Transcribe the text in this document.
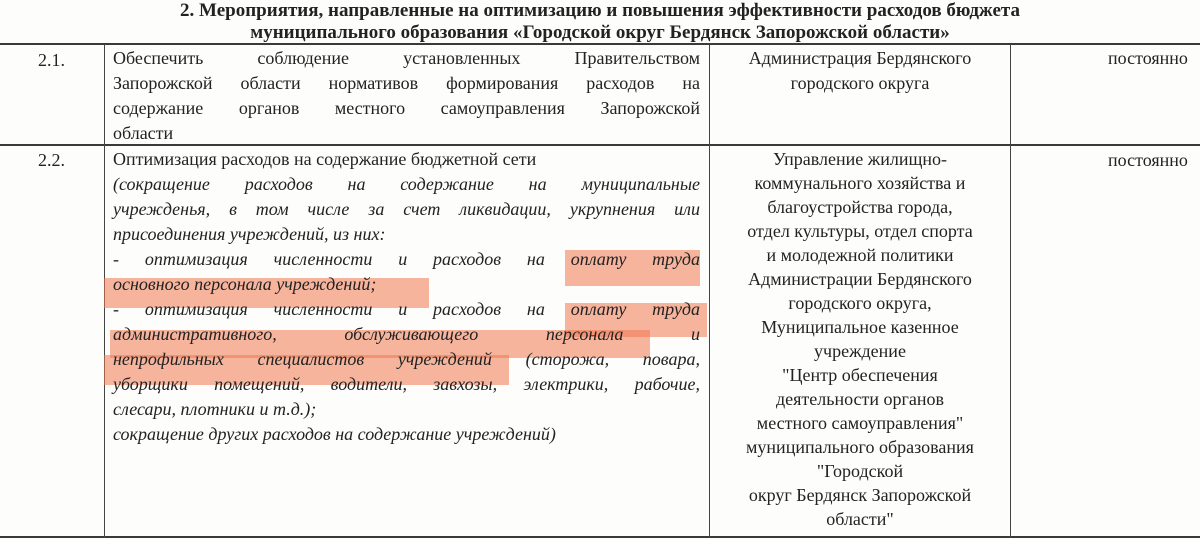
2. Мероприятия, направленные на оптимизацию и повышения эффективности расходов бюджета
муниципального образования «Городской округ Бердянск Запорожской области»
2.1.	Обеспечить соблюдение установленных Правительством
Запорожской области нормативов формирования расходов на
содержание органов местного самоуправления Запорожской
области
Администрация Бердянского
городского округа
постоянно
2.2.	Оптимизация расходов на содержание бюджетной сети
(сокращение расходов на содержание на муниципальные
учрежденья, в том числе за счет ликвидации, укрупнения или
присоединения учреждений, из них:
- оптимизация численности и расходов на оплату труда
основного персонала учреждений;
- оптимизация численности и расходов на оплату труда
административного, обслуживающего персонала и
непрофильных специалистов учреждений (сторожа, повара,
уборщики помещений, водители, завхозы, электрики, рабочие,
слесари, плотники и т.д.);
сокращение других расходов на содержание учреждений)
Управление жилищно-
коммунального хозяйства и
благоустройства города,
отдел культуры, отдел спорта
и молодежной политики
Администрации Бердянского
городского округа,
Муниципальное казенное
учреждение
"Центр обеспечения
деятельности органов
местного самоуправления"
муниципального образования
"Городской
округ Бердянск Запорожской
области"
постоянно
